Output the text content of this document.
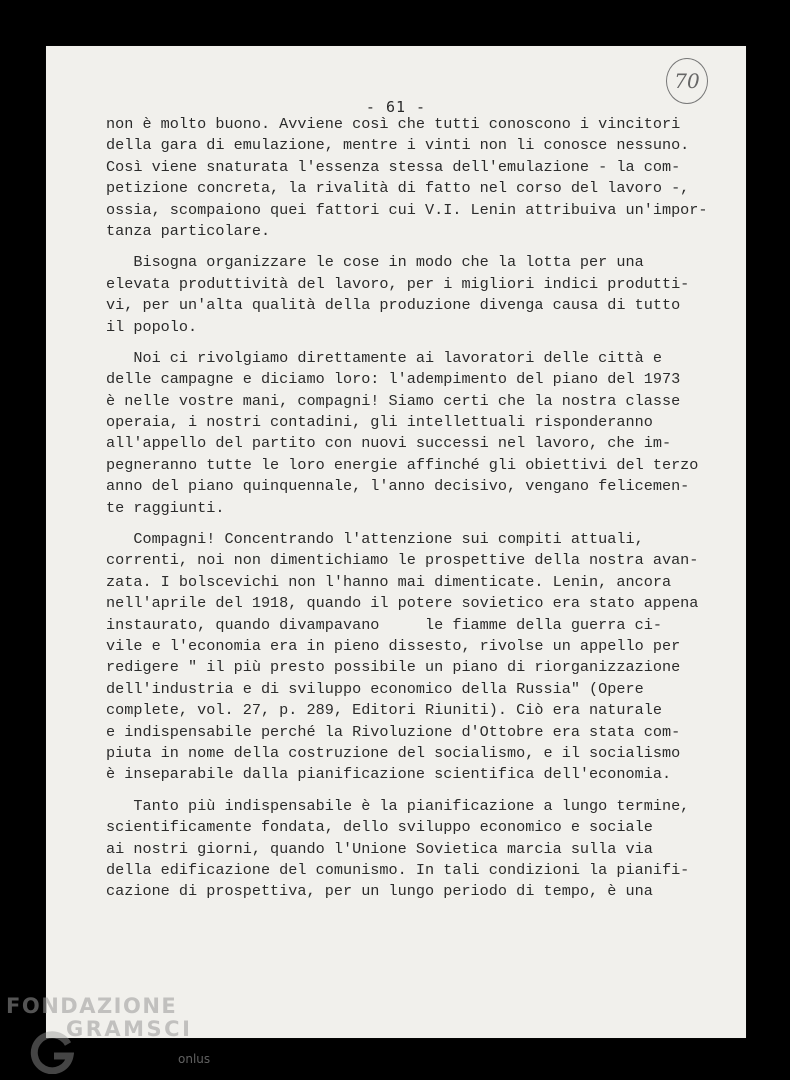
70
- 61 -
non è molto buono. Avviene così che tutti conoscono i vincitori
della gara di emulazione, mentre i vinti non li conosce nessuno.
Così viene snaturata l'essenza stessa dell'emulazione - la com-
petizione concreta, la rivalità di fatto nel corso del lavoro -,
ossia, scompaiono quei fattori cui V.I. Lenin attribuiva un'impor-
tanza particolare.
Bisogna organizzare le cose in modo che la lotta per una
elevata produttività del lavoro, per i migliori indici produtti-
vi, per un'alta qualità della produzione divenga causa di tutto
il popolo.
Noi ci rivolgiamo direttamente ai lavoratori delle città e
delle campagne e diciamo loro: l'adempimento del piano del 1973
è nelle vostre mani, compagni! Siamo certi che la nostra classe
operaia, i nostri contadini, gli intellettuali risponderanno
all'appello del partito con nuovi successi nel lavoro, che im-
pegneranno tutte le loro energie affinché gli obiettivi del terzo
anno del piano quinquennale, l'anno decisivo, vengano felicemen-
te raggiunti.
Compagni! Concentrando l'attenzione sui compiti attuali,
correnti, noi non dimentichiamo le prospettive della nostra avan-
zata. I bolscevichi non l'hanno mai dimenticate. Lenin, ancora
nell'aprile del 1918, quando il potere sovietico era stato appena
instaurato, quando divampavano     le fiamme della guerra ci-
vile e l'economia era in pieno dissesto, rivolse un appello per
redigere " il più presto possibile un piano di riorganizzazione
dell'industria e di sviluppo economico della Russia" (Opere
complete, vol. 27, p. 289, Editori Riuniti). Ciò era naturale
e indispensabile perché la Rivoluzione d'Ottobre era stata com-
piuta in nome della costruzione del socialismo, e il socialismo
è inseparabile dalla pianificazione scientifica dell'economia.
Tanto più indispensabile è la pianificazione a lungo termine,
scientificamente fondata, dello sviluppo economico e sociale
ai nostri giorni, quando l'Unione Sovietica marcia sulla via
della edificazione del comunismo. In tali condizioni la pianifi-
cazione di prospettiva, per un lungo periodo di tempo, è una
FONDAZIONE
GRAMSCI
onlus
